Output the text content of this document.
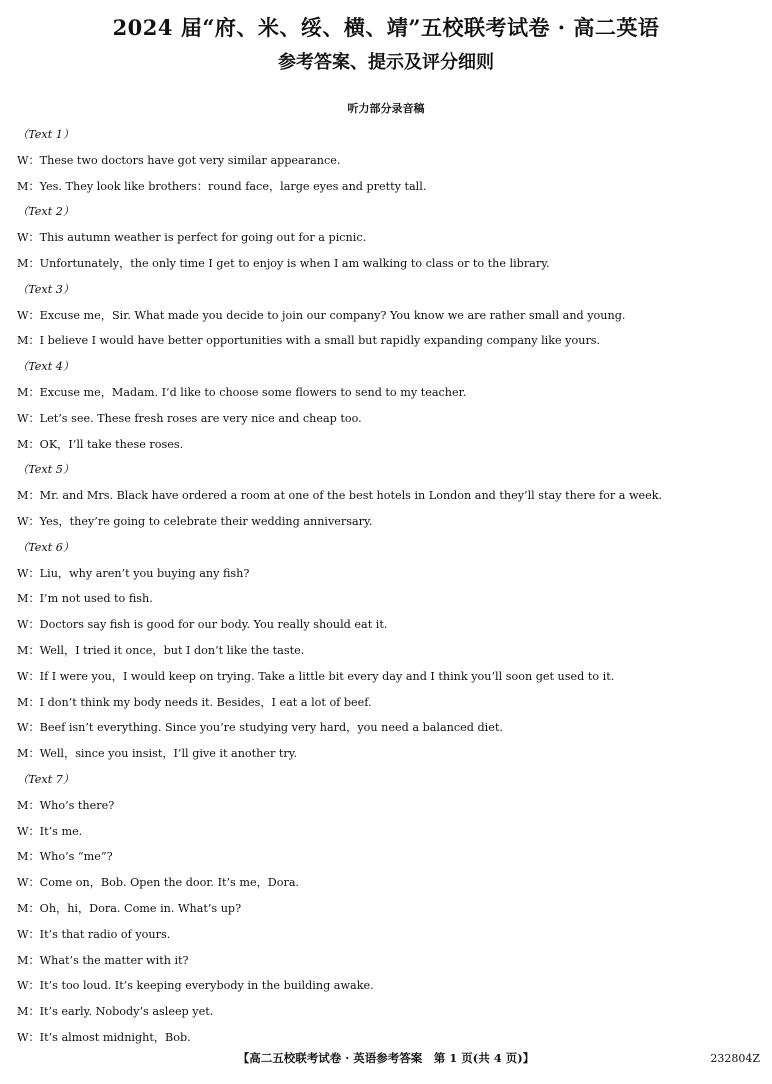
2024 届“府、米、绥、横、靖”五校联考试卷 · 高二英语
参考答案、提示及评分细则
听力部分录音稿
（Text 1）
W：These two doctors have got very similar appearance.
M：Yes. They look like brothers：round face，large eyes and pretty tall.
（Text 2）
W：This autumn weather is perfect for going out for a picnic.
M：Unfortunately，the only time I get to enjoy is when I am walking to class or to the library.
（Text 3）
W：Excuse me，Sir. What made you decide to join our company? You know we are rather small and young.
M：I believe I would have better opportunities with a small but rapidly expanding company like yours.
（Text 4）
M：Excuse me，Madam. I’d like to choose some flowers to send to my teacher.
W：Let’s see. These fresh roses are very nice and cheap too.
M：OK，I’ll take these roses.
（Text 5）
M：Mr. and Mrs. Black have ordered a room at one of the best hotels in London and they’ll stay there for a week.
W：Yes，they’re going to celebrate their wedding anniversary.
（Text 6）
W：Liu，why aren’t you buying any fish?
M：I’m not used to fish.
W：Doctors say fish is good for our body. You really should eat it.
M：Well，I tried it once，but I don’t like the taste.
W：If I were you，I would keep on trying. Take a little bit every day and I think you’ll soon get used to it.
M：I don’t think my body needs it. Besides，I eat a lot of beef.
W：Beef isn’t everything. Since you’re studying very hard，you need a balanced diet.
M：Well，since you insist，I’ll give it another try.
（Text 7）
M：Who’s there?
W：It’s me.
M：Who’s “me”?
W：Come on，Bob. Open the door. It’s me，Dora.
M：Oh，hi，Dora. Come in. What’s up?
W：It’s that radio of yours.
M：What’s the matter with it?
W：It’s too loud. It’s keeping everybody in the building awake.
M：It’s early. Nobody’s asleep yet.
W：It’s almost midnight，Bob.
【高二五校联考试卷 · 英语参考答案　第 1 页(共 4 页)】	232804Z
